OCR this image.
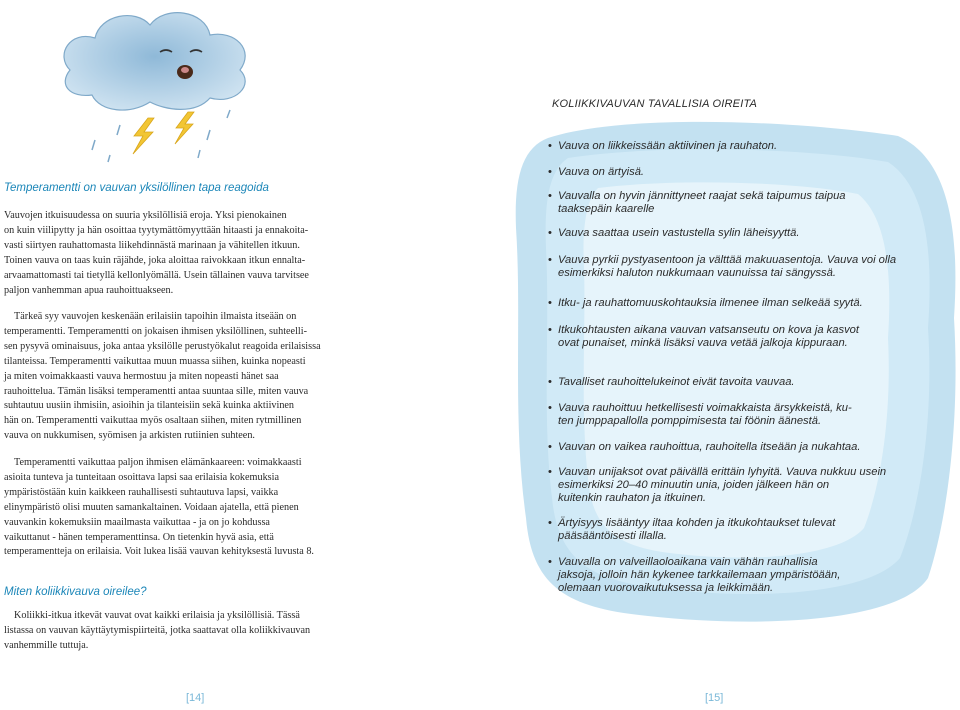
Temperamentti on vauvan yksilöllinen tapa reagoida

Vauvojen itkuisuudessa on suuria yksilöllisiä eroja. Yksi pienokainen
on kuin viilipytty ja hän osoittaa tyytymättömyyttään hitaasti ja ennakoita-
vasti siirtyen rauhattomasta liikehdinnästä marinaan ja vähitellen itkuun.
Toinen vauva on taas kuin räjähde, joka aloittaa raivokkaan itkun ennalta-
arvaamattomasti tai tietyllä kellonlyömällä. Usein tällainen vauva tarvitsee
paljon vanhemman apua rauhoittuakseen.

Tärkeä syy vauvojen keskenään erilaisiin tapoihin ilmaista itseään on
temperamentti. Temperamentti on jokaisen ihmisen yksilöllinen, suhteelli-
sen pysyvä ominaisuus, joka antaa yksilölle perustyökalut reagoida erilaisissa
tilanteissa. Temperamentti vaikuttaa muun muassa siihen, kuinka nopeasti
ja miten voimakkaasti vauva hermostuu ja miten nopeasti hänet saa
rauhoittelua. Tämän lisäksi temperamentti antaa suuntaa sille, miten vauva
suhtautuu uusiin ihmisiin, asioihin ja tilanteisiin sekä kuinka aktiivinen
hän on. Temperamentti vaikuttaa myös osaltaan siihen, miten rytmillinen
vauva on nukkumisen, syömisen ja arkisten rutiinien suhteen.

Temperamentti vaikuttaa paljon ihmisen elämänkaareen: voimakkaasti
asioita tunteva ja tunteitaan osoittava lapsi saa erilaisia kokemuksia
ympäristöstään kuin kaikkeen rauhallisesti suhtautuva lapsi, vaikka
elinympäristö olisi muuten samankaltainen. Voidaan ajatella, että pienen
vauvankin kokemuksiin maailmasta vaikuttaa - ja on jo kohdussa
vaikuttanut - hänen temperamenttinsa. On tietenkin hyvä asia, että
temperamentteja on erilaisia. Voit lukea lisää vauvan kehityksestä luvusta 8.

Miten koliikkivauva oireilee?

Koliikki-itkua itkevät vauvat ovat kaikki erilaisia ja yksilöllisiä. Tässä
listassa on vauvan käyttäytymispiirteitä, jotka saattavat olla koliikkivauvan
vanhemmille tuttuja.

[14]
KOLIIKKIVAUVAN TAVALLISIA OIREITA

• Vauva on liikkeissään aktiivinen ja rauhaton.

• Vauva on ärtyisä.

• Vauvalla on hyvin jännittyneet raajat sekä taipumus taipua
taaksepäin kaarelle

• Vauva saattaa usein vastustella sylin läheisyyttä.

• Vauva pyrkii pystyasentoon ja välttää makuuasentoja. Vauva voi olla
esimerkiksi haluton nukkumaan vaunuissa tai sängyssä.

• Itku- ja rauhattomuuskohtauksia ilmenee ilman selkeää syytä.

• Itkukohtausten aikana vauvan vatsanseutu on kova ja kasvot
ovat punaiset, minkä lisäksi vauva vetää jalkoja kippuraan.

• Tavalliset rauhoittelukeinot eivät tavoita vauvaa.

• Vauva rauhoittuu hetkellisesti voimakkaista ärsykkeistä, ku-
ten jumppapallolla pomppimisesta tai föönin äänestä.

• Vauvan on vaikea rauhoittua, rauhoitella itseään ja nukahtaa.

• Vauvan unijaksot ovat päivällä erittäin lyhyitä. Vauva nukkuu usein
esimerkiksi 20–40 minuutin unia, joiden jälkeen hän on
kuitenkin rauhaton ja itkuinen.

• Ärtyisyys lisääntyy iltaa kohden ja itkukohtaukset tulevat
pääsääntöisesti illalla.

• Vauvalla on valveillaoloaikana vain vähän rauhallisia
jaksoja, jolloin hän kykenee tarkkailemaan ympäristöään,
olemaan vuorovaikutuksessa ja leikkimään.

[15]
